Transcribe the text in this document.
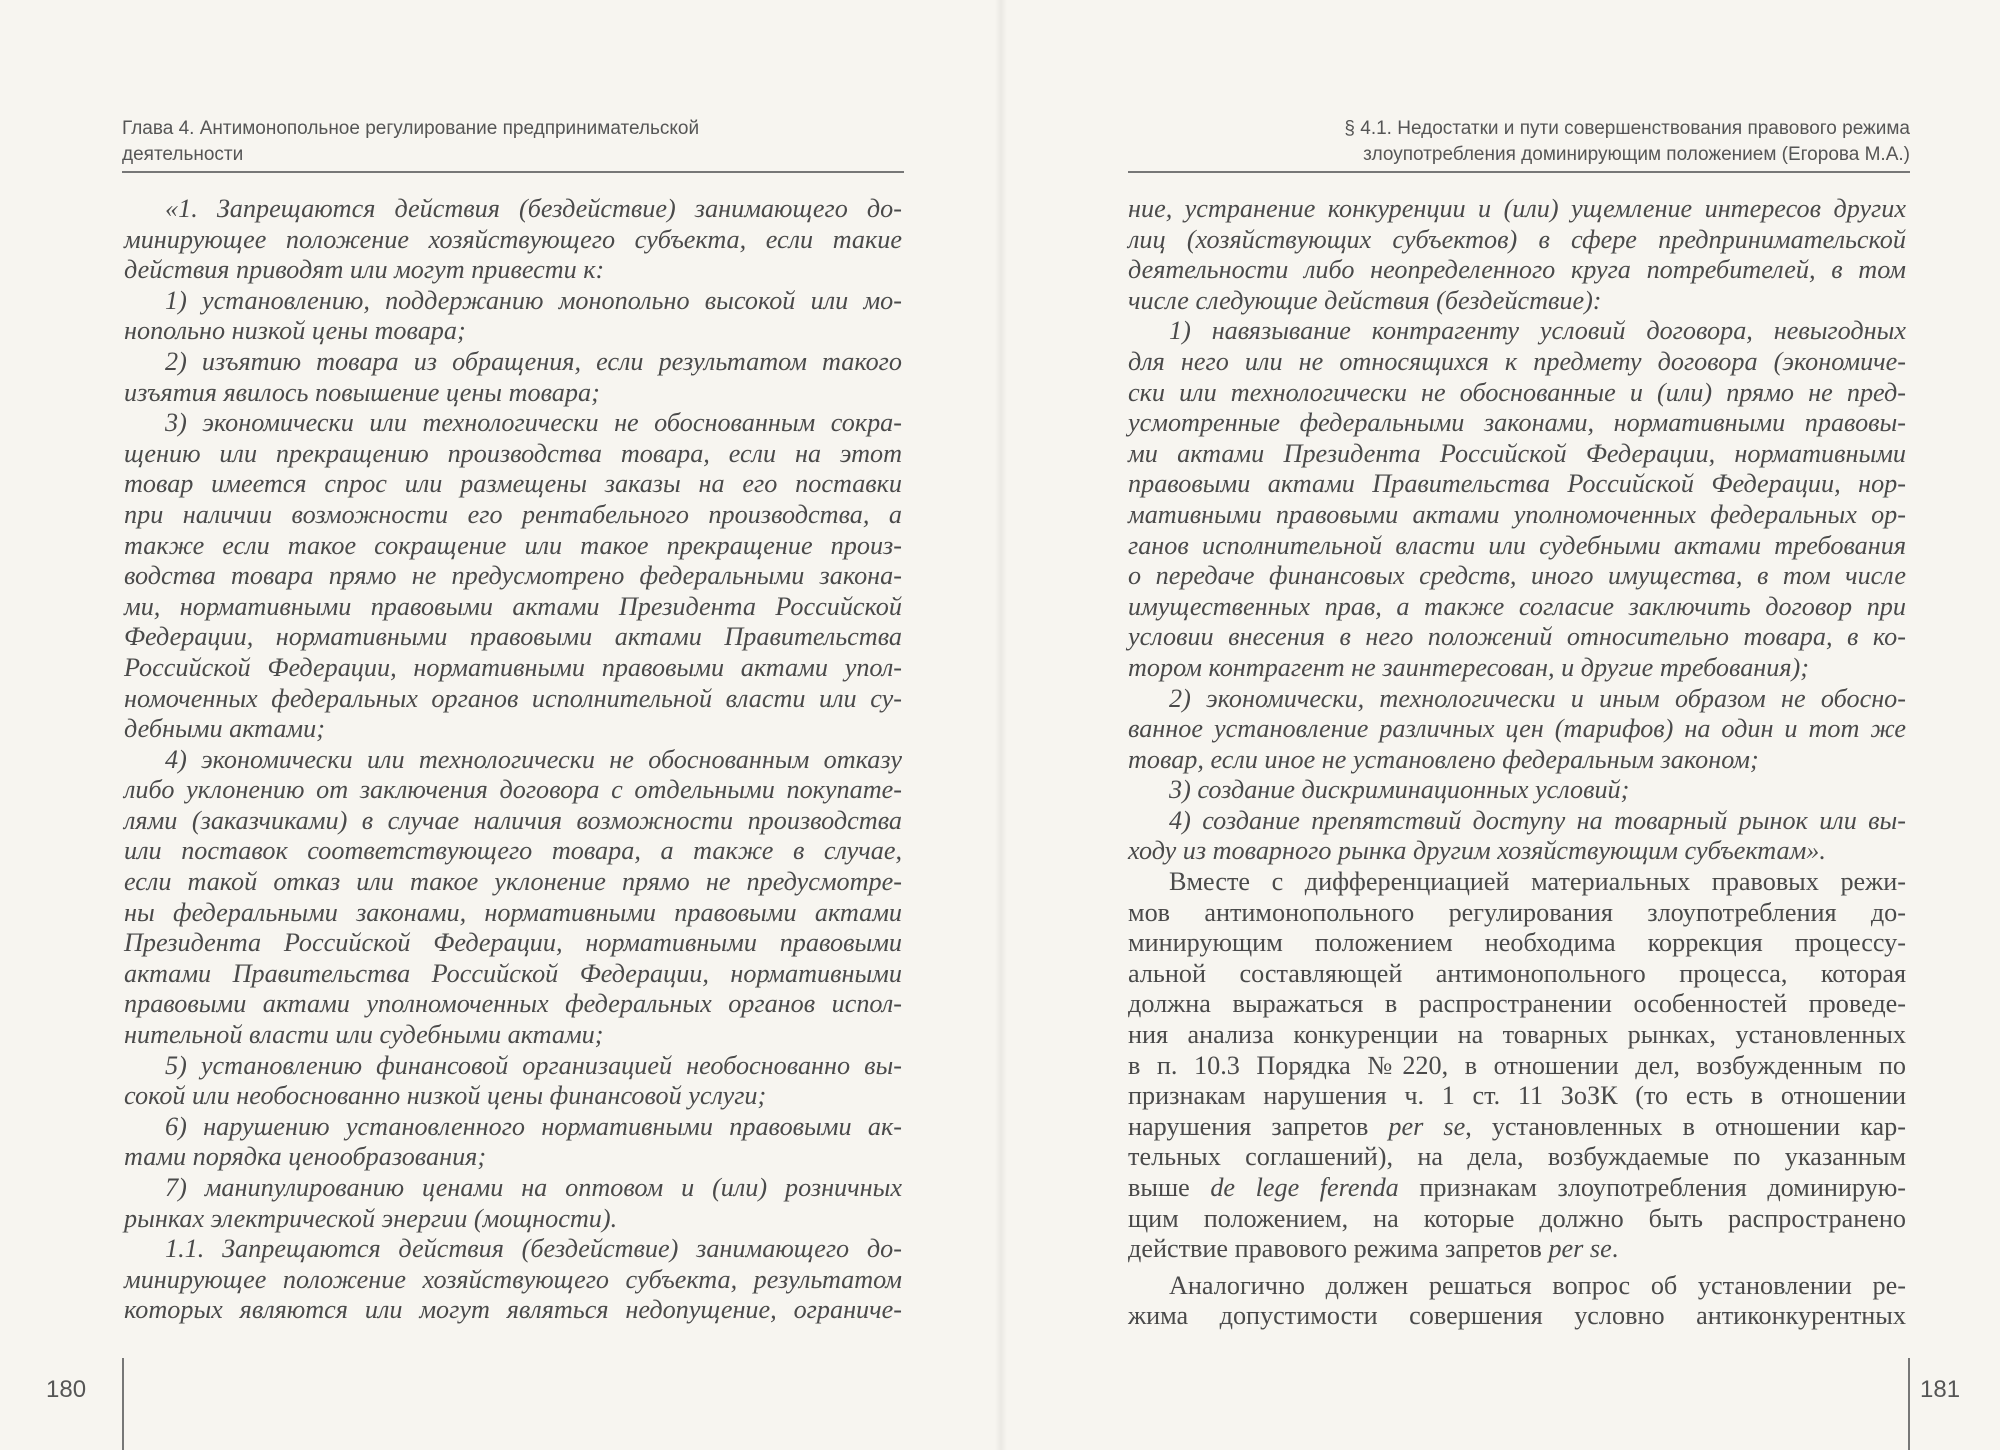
Глава 4. Антимонопольное регулирование предпринимательской
деятельности
«1. Запрещаются действия (бездействие) занимающего до-
минирующее положение хозяйствующего субъекта, если такие
действия приводят или могут привести к:
1) установлению, поддержанию монопольно высокой или мо-
нопольно низкой цены товара;
2) изъятию товара из обращения, если результатом такого
изъятия явилось повышение цены товара;
3) экономически или технологически не обоснованным сокра-
щению или прекращению производства товара, если на этот
товар имеется спрос или размещены заказы на его поставки
при наличии возможности его рентабельного производства, а
также если такое сокращение или такое прекращение произ-
водства товара прямо не предусмотрено федеральными законa-
ми, нормативными правовыми актами Президента Российской
Федерации, нормативными правовыми актами Правительства
Российской Федерации, нормативными правовыми актами упол-
номоченных федеральных органов исполнительной власти или су-
дебными актами;
4) экономически или технологически не обоснованным отказу
либо уклонению от заключения договора с отдельными покупате-
лями (заказчиками) в случае наличия возможности производства
или поставок соответствующего товара, а также в случае,
если такой отказ или такое уклонение прямо не предусмотре-
ны федеральными законами, нормативными правовыми актами
Президента Российской Федерации, нормативными правовыми
актами Правительства Российской Федерации, нормативными
правовыми актами уполномоченных федеральных органов испол-
нительной власти или судебными актами;
5) установлению финансовой организацией необоснованно вы-
сокой или необоснованно низкой цены финансовой услуги;
6) нарушению установленного нормативными правовыми ак-
тами порядка ценообразования;
7) манипулированию ценами на оптовом и (или) розничных
рынках электрической энергии (мощности).
1.1. Запрещаются действия (бездействие) занимающего до-
минирующее положение хозяйствующего субъекта, результатом
которых являются или могут являться недопущение, ограниче-
180
§ 4.1. Недостатки и пути совершенствования правового режима
злоупотребления доминирующим положением (Егорова М.А.)
ние, устранение конкуренции и (или) ущемление интересов других
лиц (хозяйствующих субъектов) в сфере предпринимательской
деятельности либо неопределенного круга потребителей, в том
числе следующие действия (бездействие):
1) навязывание контрагенту условий договора, невыгодных
для него или не относящихся к предмету договора (экономиче-
ски или технологически не обоснованные и (или) прямо не пред-
усмотренные федеральными законами, нормативными правовы-
ми актами Президента Российской Федерации, нормативными
правовыми актами Правительства Российской Федерации, нор-
мативными правовыми актами уполномоченных федеральных ор-
ганов исполнительной власти или судебными актами требования
о передаче финансовых средств, иного имущества, в том числе
имущественных прав, а также согласие заключить договор при
условии внесения в него положений относительно товара, в ко-
тором контрагент не заинтересован, и другие требования);
2) экономически, технологически и иным образом не обосно-
ванное установление различных цен (тарифов) на один и тот же
товар, если иное не установлено федеральным законом;
3) создание дискриминационных условий;
4) создание препятствий доступу на товарный рынок или вы-
ходу из товарного рынка другим хозяйствующим субъектам».
Вместе с дифференциацией материальных правовых режи-
мов антимонопольного регулирования злоупотребления до-
минирующим положением необходима коррекция процессу-
альной составляющей антимонопольного процесса, которая
должна выражаться в распространении особенностей проведе-
ния анализа конкуренции на товарных рынках, установленных
в п. 10.3 Порядка №220, в отношении дел, возбужденным по
признакам нарушения ч. 1 ст. 11 ЗоЗК (то есть в отношении
нарушения запретов per se, установленных в отношении кар-
тельных соглашений), на дела, возбуждаемые по указанным
выше de lege ferenda признакам злоупотребления доминирую-
щим положением, на которые должно быть распространено
действие правового режима запретов per se.
Аналогично должен решаться вопрос об установлении ре-
жима допустимости совершения условно антиконкурентных
181
